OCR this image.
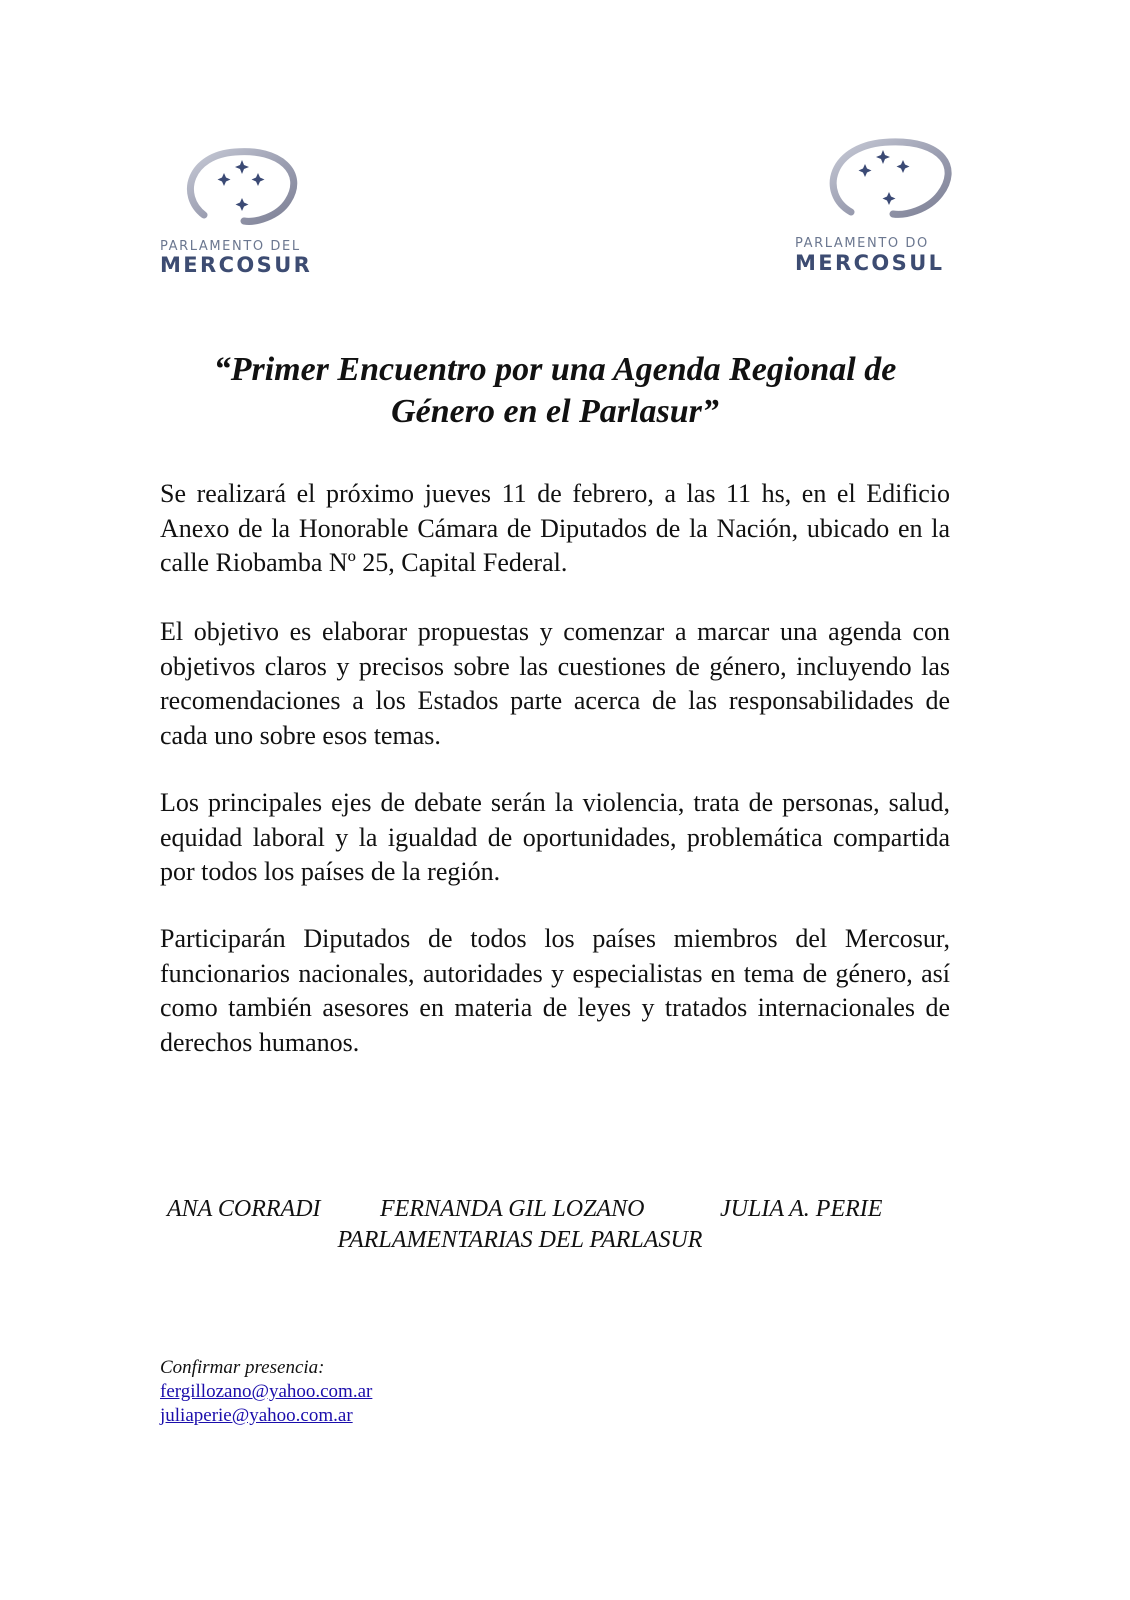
PARLAMENTO DEL
MERCOSUR
PARLAMENTO DO
MERCOSUL
“Primer Encuentro por una Agenda Regional de
Género en el Parlasur”

Se realizará el próximo jueves 11 de febrero, a las 11 hs, en el Edificio Anexo de la Honorable Cámara de Diputados de la Nación, ubicado en la calle Riobamba Nº 25, Capital Federal.

El objetivo es elaborar propuestas y comenzar a marcar una agenda con objetivos claros y precisos sobre las cuestiones de género, incluyendo las recomendaciones a los Estados parte acerca de las responsabilidades de cada uno sobre esos temas.

Los principales ejes de debate serán la violencia, trata de personas, salud, equidad laboral y la igualdad de oportunidades, problemática compartida por todos los países de la región.

Participarán Diputados de todos los países miembros del Mercosur, funcionarios nacionales, autoridades y especialistas en tema de género, así como también asesores en materia de leyes y tratados internacionales de derechos humanos.

ANA CORRADI FERNANDA GIL LOZANO	JULIA A. PERIE
PARLAMENTARIAS DEL PARLASUR
Confirmar presencia:
fergillozano@yahoo.com.ar
juliaperie@yahoo.com.ar
